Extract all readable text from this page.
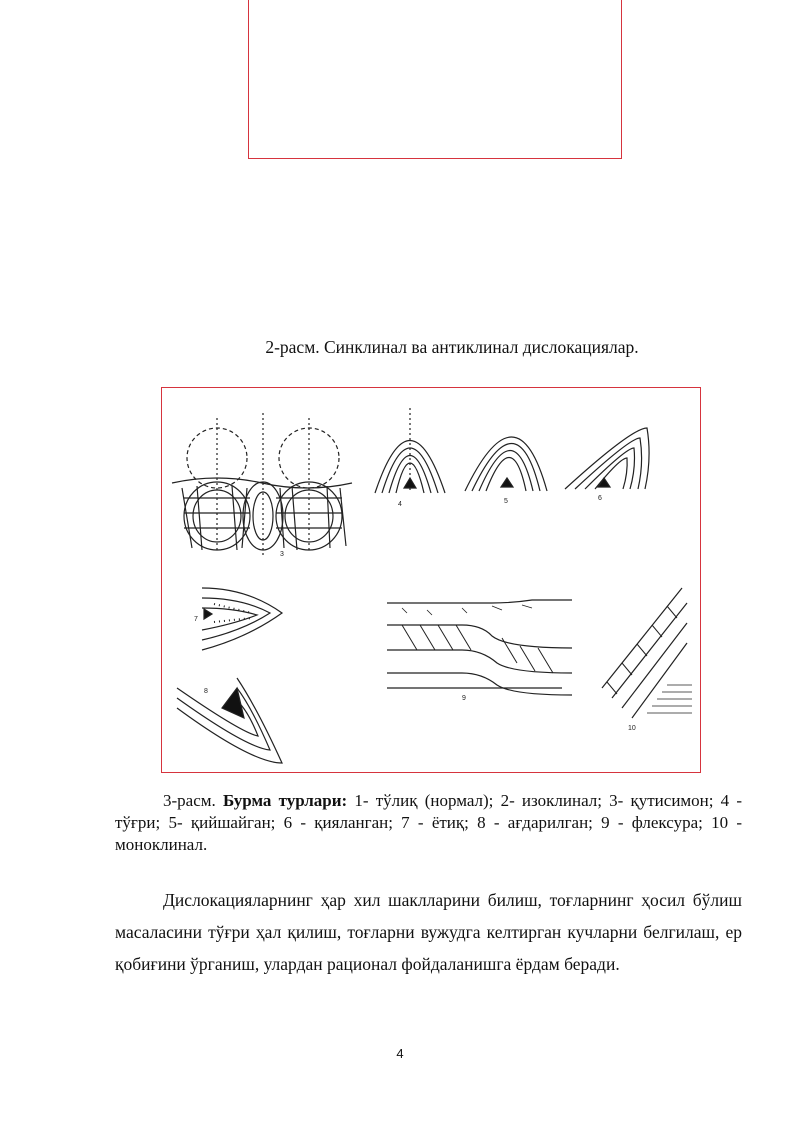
2-расм. Синклинал ва антиклинал дислокациялар.
3
4	5	6
7
8
9
10
3-расм. Бурма турлари: 1- тўлиқ (нормал); 2- изоклинал; 3- қутисимон; 4 - тўғри; 5- қийшайган; 6 - қияланган; 7 - ётиқ; 8 - ағдарилган; 9 - флексура; 10 - моноклинал.
Дислокацияларнинг ҳар хил шаклларини билиш, тоғларнинг ҳосил бўлиш масаласини тўғри ҳал қилиш, тоғларни вужудга келтирган кучларни белгилаш, ер қобиғини ўрганиш, улардан рационал фойдаланишга ёрдам беради.
4
